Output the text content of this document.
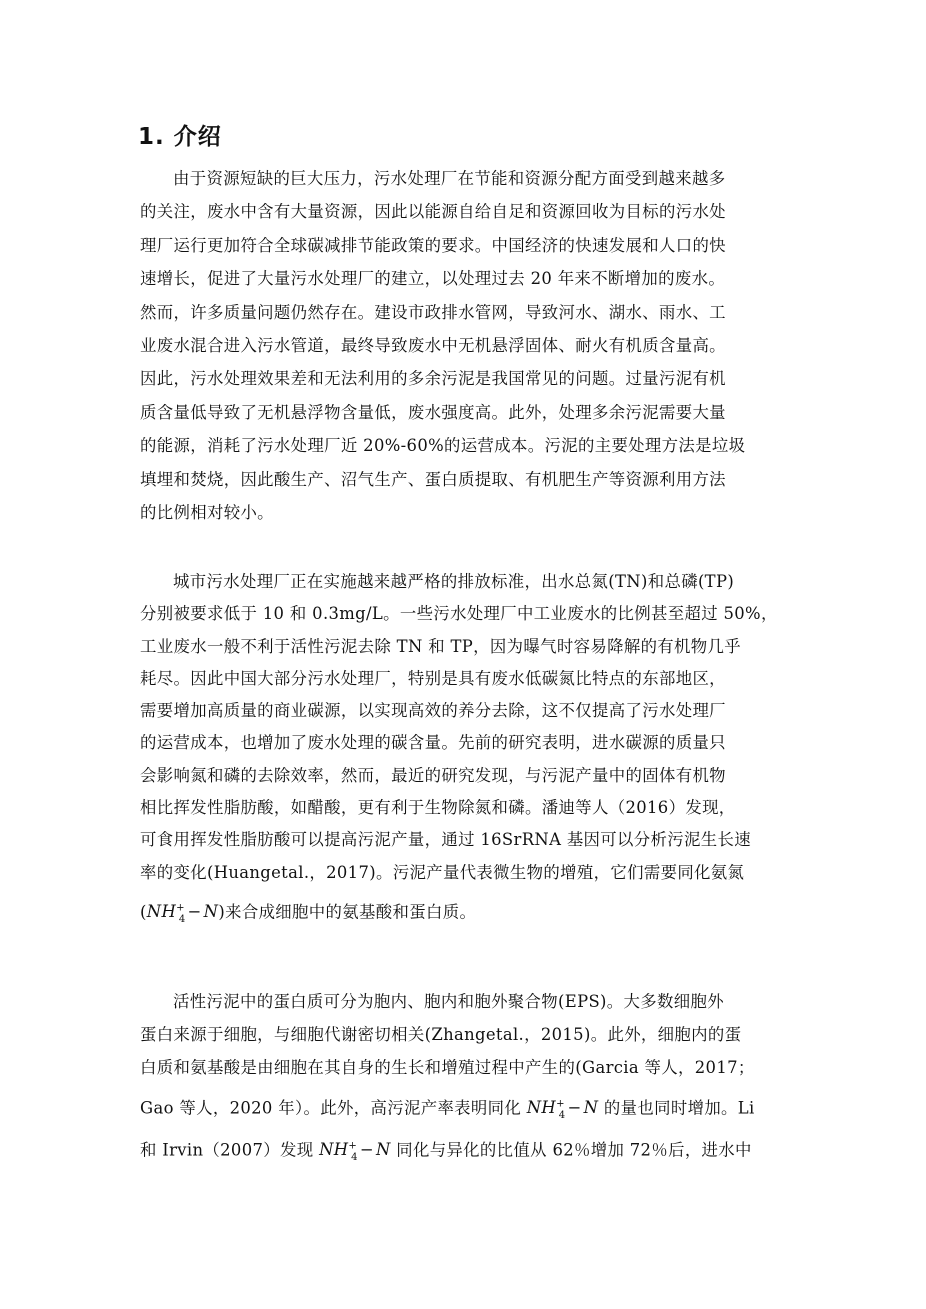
1. 介绍
由于资源短缺的巨大压力，污水处理厂在节能和资源分配方面受到越来越多
的关注，废水中含有大量资源，因此以能源自给自足和资源回收为目标的污水处
理厂运行更加符合全球碳减排节能政策的要求。中国经济的快速发展和人口的快
速增长，促进了大量污水处理厂的建立，以处理过去 20 年来不断增加的废水。
然而，许多质量问题仍然存在。建设市政排水管网，导致河水、湖水、雨水、工
业废水混合进入污水管道，最终导致废水中无机悬浮固体、耐火有机质含量高。
因此，污水处理效果差和无法利用的多余污泥是我国常见的问题。过量污泥有机
质含量低导致了无机悬浮物含量低，废水强度高。此外，处理多余污泥需要大量
的能源，消耗了污水处理厂近 20%-60%的运营成本。污泥的主要处理方法是垃圾
填埋和焚烧，因此酸生产、沼气生产、蛋白质提取、有机肥生产等资源利用方法
的比例相对较小。
城市污水处理厂正在实施越来越严格的排放标准，出水总氮(TN)和总磷(TP)
分别被要求低于 10 和 0.3mg/L。一些污水处理厂中工业废水的比例甚至超过 50%，
工业废水一般不利于活性污泥去除 TN 和 TP，因为曝气时容易降解的有机物几乎
耗尽。因此中国大部分污水处理厂，特别是具有废水低碳氮比特点的东部地区，
需要增加高质量的商业碳源，以实现高效的养分去除，这不仅提高了污水处理厂
的运营成本，也增加了废水处理的碳含量。先前的研究表明，进水碳源的质量只
会影响氮和磷的去除效率，然而，最近的研究发现，与污泥产量中的固体有机物
相比挥发性脂肪酸，如醋酸，更有利于生物除氮和磷。潘迪等人（2016）发现，
可食用挥发性脂肪酸可以提高污泥产量，通过 16SrRNA 基因可以分析污泥生长速
率的变化(Huangetal.，2017)。污泥产量代表微生物的增殖，它们需要同化氨氮
$(NH^+_4 - N)$来合成细胞中的氨基酸和蛋白质。
活性污泥中的蛋白质可分为胞内、胞内和胞外聚合物(EPS)。大多数细胞外
蛋白来源于细胞，与细胞代谢密切相关(Zhangetal.，2015)。此外，细胞内的蛋
白质和氨基酸是由细胞在其自身的生长和增殖过程中产生的(Garcia 等人，2017；
Gao 等人，2020 年）。此外，高污泥产率表明同化 $NH^+_4 - N$ 的量也同时增加。Li
和 Irvin（2007）发现 $NH^+_4 - N$ 同化与异化的比值从 62％增加 72％后，进水中
